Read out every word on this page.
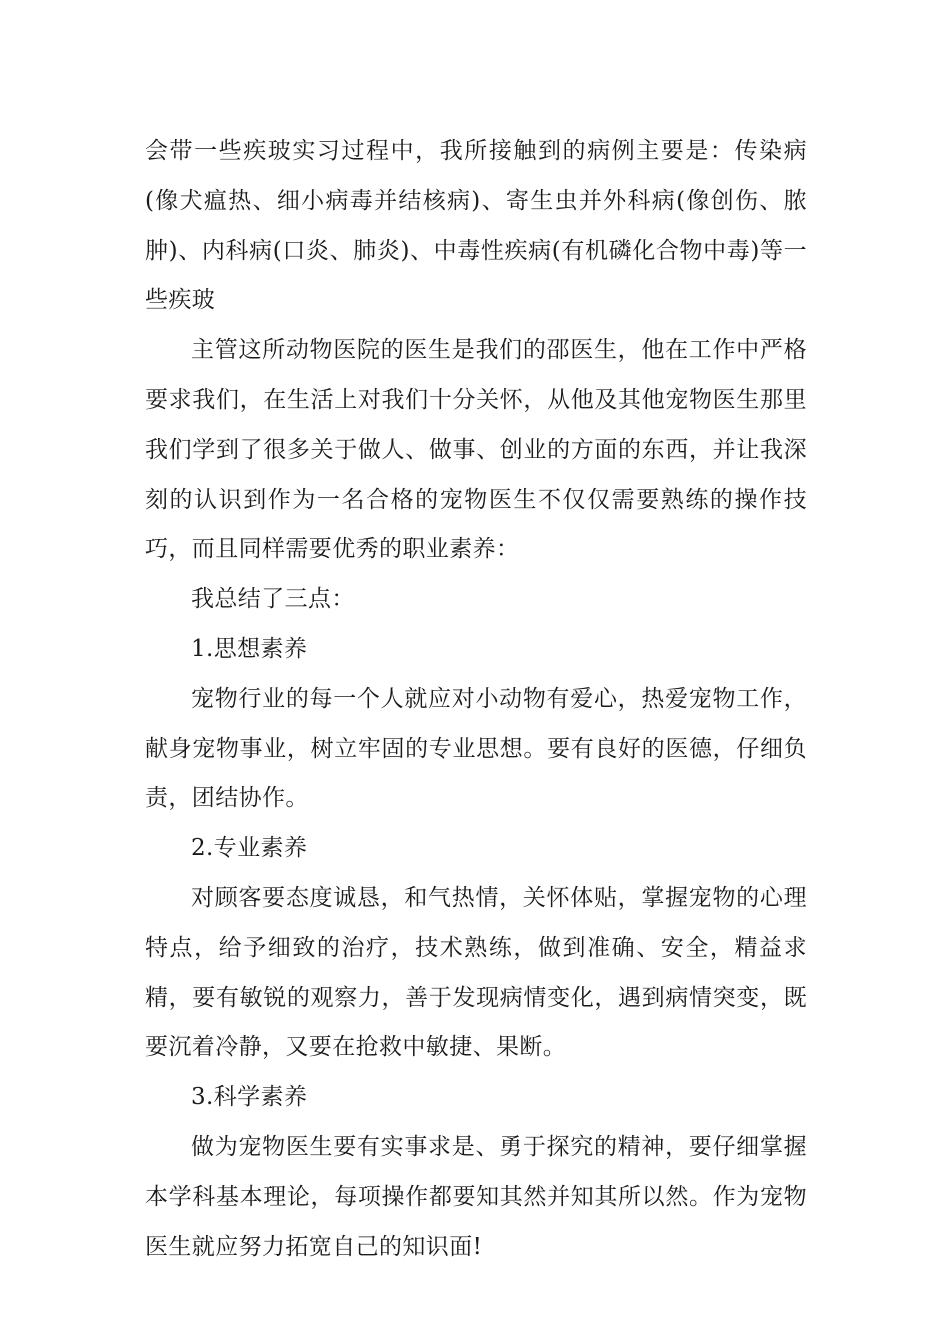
会带一些疾玻实习过程中，我所接触到的病例主要是：传染病(像犬瘟热、细小病毒并结核病)、寄生虫并外科病(像创伤、脓肿)、内科病(口炎、肺炎)、中毒性疾病(有机磷化合物中毒)等一些疾玻

主管这所动物医院的医生是我们的邵医生，他在工作中严格要求我们，在生活上对我们十分关怀，从他及其他宠物医生那里我们学到了很多关于做人、做事、创业的方面的东西，并让我深刻的认识到作为一名合格的宠物医生不仅仅需要熟练的操作技巧，而且同样需要优秀的职业素养：

我总结了三点：

1.思想素养

宠物行业的每一个人就应对小动物有爱心，热爱宠物工作，献身宠物事业，树立牢固的专业思想。要有良好的医德，仔细负责，团结协作。

2.专业素养

对顾客要态度诚恳，和气热情，关怀体贴，掌握宠物的心理特点，给予细致的治疗，技术熟练，做到准确、安全，精益求精，要有敏锐的观察力，善于发现病情变化，遇到病情突变，既要沉着冷静，又要在抢救中敏捷、果断。

3.科学素养

做为宠物医生要有实事求是、勇于探究的精神，要仔细掌握本学科基本理论，每项操作都要知其然并知其所以然。作为宠物医生就应努力拓宽自己的知识面!
